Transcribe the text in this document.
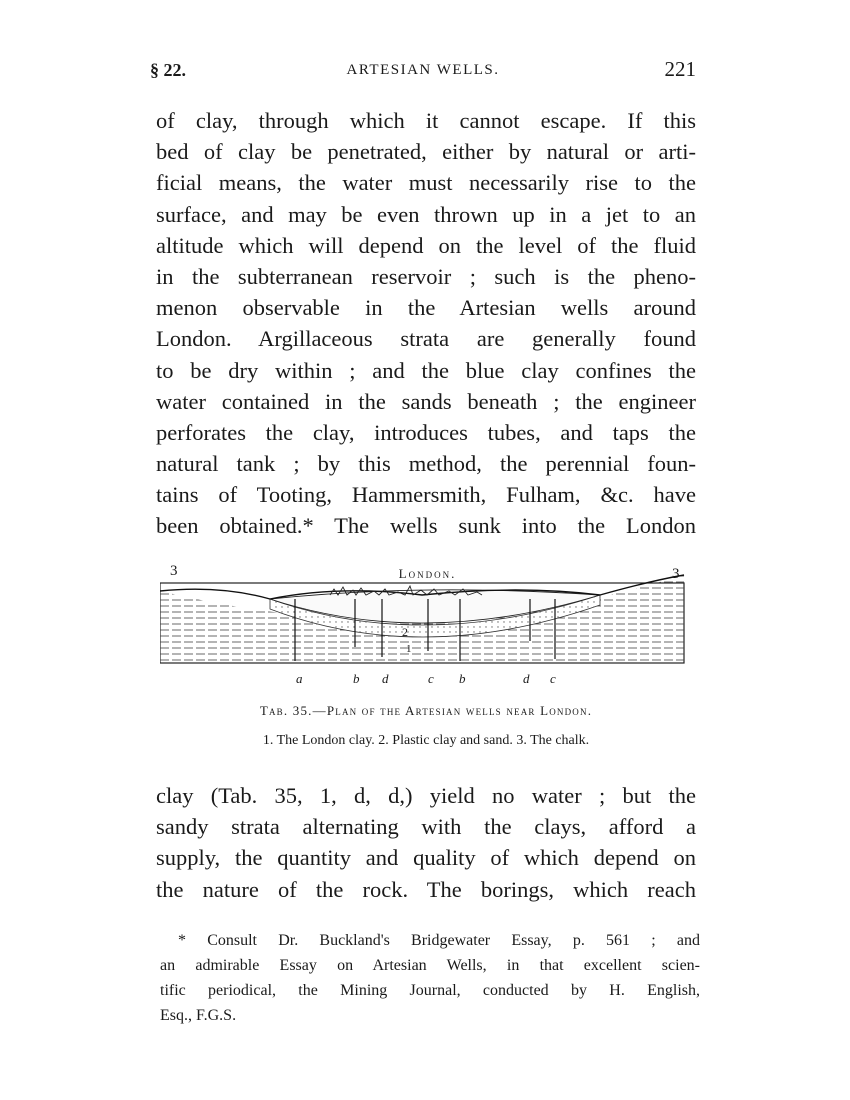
§ 22.	ARTESIAN WELLS.	221
of clay, through which it cannot escape. If this
bed of clay be penetrated, either by natural or arti-
ficial means, the water must necessarily rise to the
surface, and may be even thrown up in a jet to an
altitude which will depend on the level of the fluid
in the subterranean reservoir ; such is the pheno-
menon observable in the Artesian wells around
London. Argillaceous strata are generally found
to be dry within ; and the blue clay confines the
water contained in the sands beneath ; the engineer
perforates the clay, introduces tubes, and taps the
natural tank ; by this method, the perennial foun-
tains of Tooting, Hammersmith, Fulham, &c. have
been obtained.* The wells sunk into the London
3	3
London.
2
1
a	b d	c b	d c
Tab. 35.—Plan of the Artesian wells near London.
1. The London clay. 2. Plastic clay and sand. 3. The chalk.
clay (Tab. 35, 1, d, d,) yield no water ; but the
sandy strata alternating with the clays, afford a
supply, the quantity and quality of which depend on
the nature of the rock. The borings, which reach
* Consult Dr. Buckland's Bridgewater Essay, p. 561 ; and
an admirable Essay on Artesian Wells, in that excellent scien-
tific periodical, the Mining Journal, conducted by H. English,
Esq., F.G.S.
